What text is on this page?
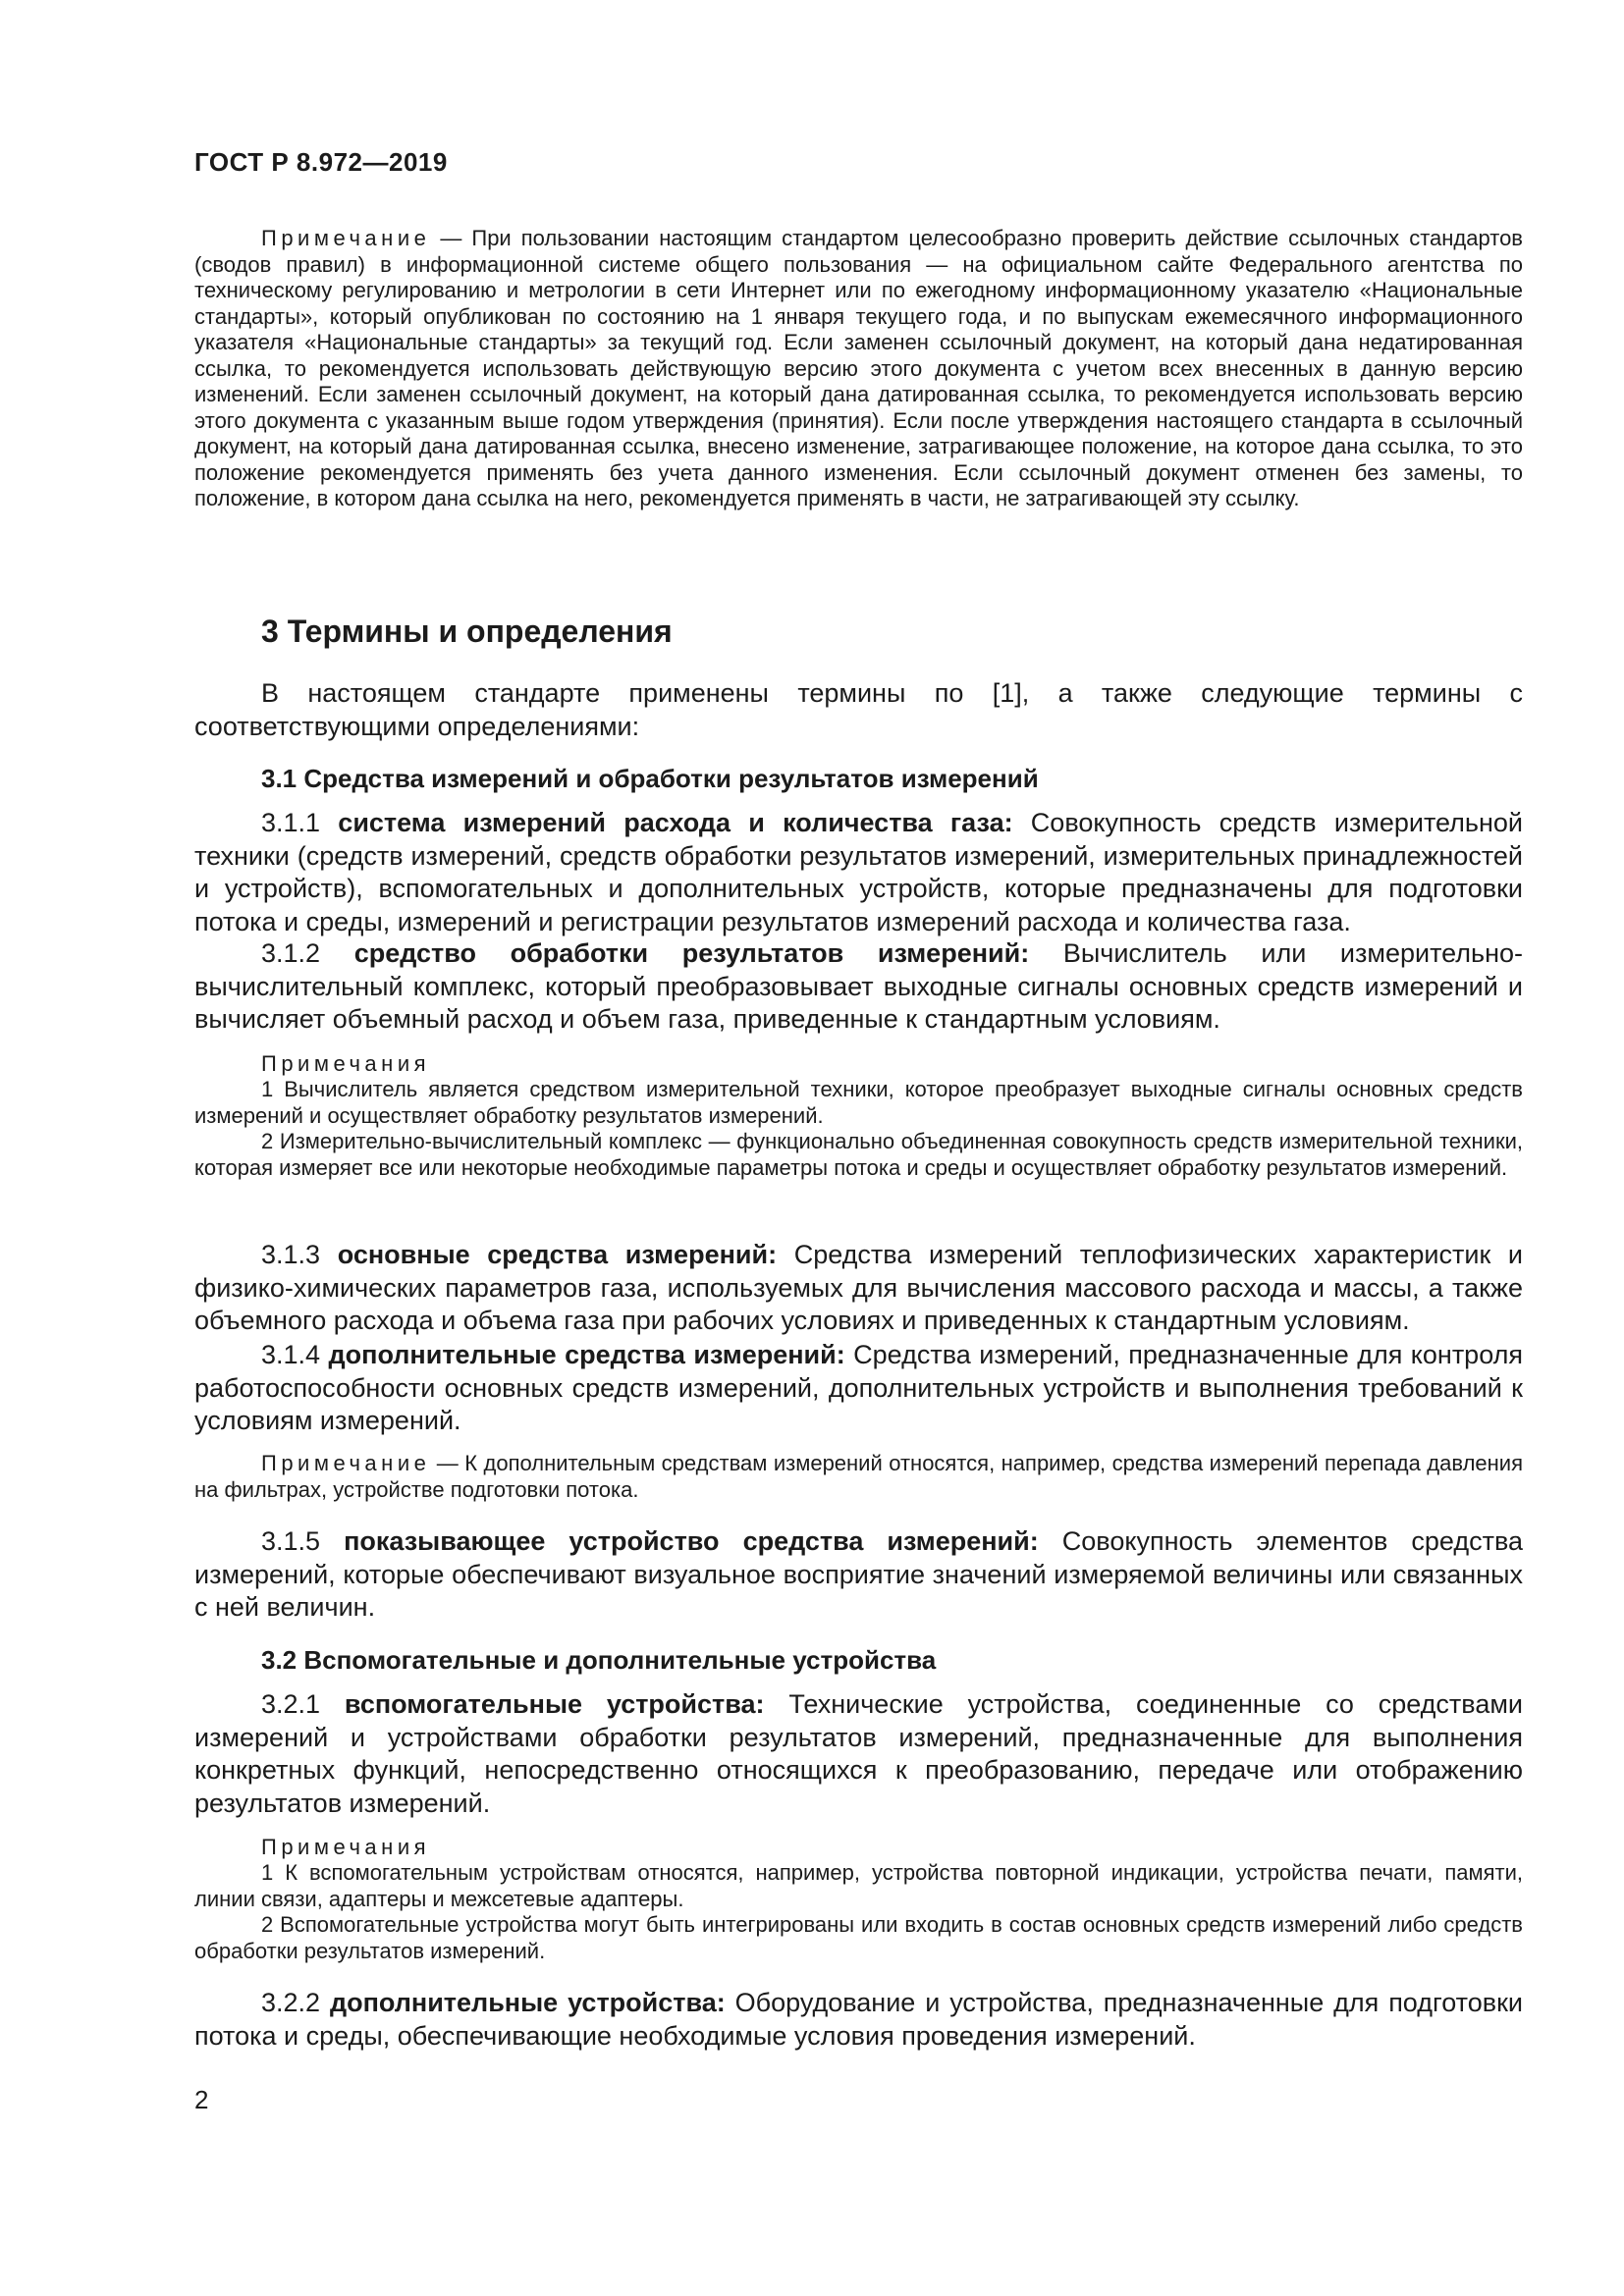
ГОСТ Р 8.972—2019

Примечание — При пользовании настоящим стандартом целесообразно проверить действие ссылочных стандартов (сводов правил) в информационной системе общего пользования — на официальном сайте Федерального агентства по техническому регулированию и метрологии в сети Интернет или по ежегодному информационному указателю «Национальные стандарты», который опубликован по состоянию на 1 января текущего года, и по выпускам ежемесячного информационного указателя «Национальные стандарты» за текущий год. Если заменен ссылочный документ, на который дана недатированная ссылка, то рекомендуется использовать действующую версию этого документа с учетом всех внесенных в данную версию изменений. Если заменен ссылочный документ, на который дана датированная ссылка, то рекомендуется использовать версию этого документа с указанным выше годом утверждения (принятия). Если после утверждения настоящего стандарта в ссылочный документ, на который дана датированная ссылка, внесено изменение, затрагивающее положение, на которое дана ссылка, то это положение рекомендуется применять без учета данного изменения. Если ссылочный документ отменен без замены, то положение, в котором дана ссылка на него, рекомендуется применять в части, не затрагивающей эту ссылку.

3 Термины и определения

В настоящем стандарте применены термины по [1], а также следующие термины с соответствующими определениями:

3.1 Средства измерений и обработки результатов измерений

3.1.1 система измерений расхода и количества газа: Совокупность средств измерительной техники (средств измерений, средств обработки результатов измерений, измерительных принадлежностей и устройств), вспомогательных и дополнительных устройств, которые предназначены для подготовки потока и среды, измерений и регистрации результатов измерений расхода и количества газа.

3.1.2 средство обработки результатов измерений: Вычислитель или измерительно-вычислительный комплекс, который преобразовывает выходные сигналы основных средств измерений и вычисляет объемный расход и объем газа, приведенные к стандартным условиям.

Примечания

1 Вычислитель является средством измерительной техники, которое преобразует выходные сигналы основных средств измерений и осуществляет обработку результатов измерений.

2 Измерительно-вычислительный комплекс — функционально объединенная совокупность средств измерительной техники, которая измеряет все или некоторые необходимые параметры потока и среды и осуществляет обработку результатов измерений.

3.1.3 основные средства измерений: Средства измерений теплофизических характеристик и физико-химических параметров газа, используемых для вычисления массового расхода и массы, а также объемного расхода и объема газа при рабочих условиях и приведенных к стандартным условиям.

3.1.4 дополнительные средства измерений: Средства измерений, предназначенные для контроля работоспособности основных средств измерений, дополнительных устройств и выполнения требований к условиям измерений.

Примечание — К дополнительным средствам измерений относятся, например, средства измерений перепада давления на фильтрах, устройстве подготовки потока.

3.1.5 показывающее устройство средства измерений: Совокупность элементов средства измерений, которые обеспечивают визуальное восприятие значений измеряемой величины или связанных с ней величин.

3.2 Вспомогательные и дополнительные устройства

3.2.1 вспомогательные устройства: Технические устройства, соединенные со средствами измерений и устройствами обработки результатов измерений, предназначенные для выполнения конкретных функций, непосредственно относящихся к преобразованию, передаче или отображению результатов измерений.

Примечания

1 К вспомогательным устройствам относятся, например, устройства повторной индикации, устройства печати, памяти, линии связи, адаптеры и межсетевые адаптеры.

2 Вспомогательные устройства могут быть интегрированы или входить в состав основных средств измерений либо средств обработки результатов измерений.

3.2.2 дополнительные устройства: Оборудование и устройства, предназначенные для подготовки потока и среды, обеспечивающие необходимые условия проведения измерений.

2
